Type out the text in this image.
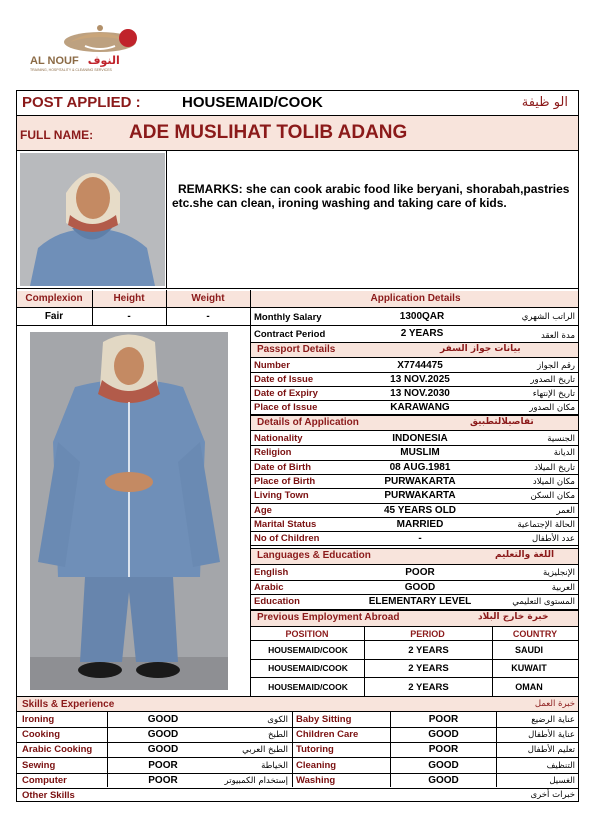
AL NOUF النوف
TRAINING, HOSPITALITY & CLEANING SERVICES
POST APPLIED :	HOUSEMAID/COOK	الو ظيفة
FULL NAME: ADE MUSLIHAT TOLIB ADANG
REMARKS: she can cook arabic food like beryani, shorabah,pastries etc.she can clean, ironing washing and taking care of kids.
Complexion	Height	Weight	Application Details
Fair	-	-	Monthly Salary	1300QAR	الراتب الشهري
Contract Period	2 YEARS	مدة العقد
Passport Details	بيانات جواز السفر
Number	X7744475	رقم الجواز
Date of Issue	13 NOV.2025	تاريخ الصدور
Date of Expiry	13 NOV.2030	تاريخ الإنتهاء
Place of Issue	KARAWANG	مكان الصدور
Details of Application	تفاصيلالتطبيق
Nationality	INDONESIA	الجنسية
Religion	MUSLIM	الديانة
Date of Birth	08 AUG.1981	تاريخ الميلاد
Place of Birth	PURWAKARTA	مكان الميلاد
Living Town	PURWAKARTA	مكان السكن
Age	45 YEARS OLD	العمر
Marital Status	MARRIED	الحالة الإجتماعية
No of Children	-	عدد الأطفال
Languages & Education	اللغة والتعليم
English	POOR	الإنجليزية
Arabic	GOOD	العربية
Education	ELEMENTARY LEVEL	المستوى التعليمي
Previous Employment Abroad	خبرة خارج البلاد
POSITION	PERIOD	COUNTRY
HOUSEMAID/COOK	2 YEARS	SAUDI
HOUSEMAID/COOK	2 YEARS	KUWAIT
HOUSEMAID/COOK	2 YEARS	OMAN
Skills & Experience	خبرة العمل
Ironing	GOOD	الكوى Baby Sitting	POOR	عناية الرضيع
Cooking	GOOD	الطبخ Children Care	GOOD	عناية الأطفال
Arabic Cooking	GOOD	الطبخ العربي Tutoring	POOR	تعليم الأطفال
Sewing	POOR	الخياطة Cleaning	GOOD	التنظيف
Computer	POOR	إستخدام الكمبيوتر Washing	GOOD	الغسيل
Other Skills	خبرات أخرى
